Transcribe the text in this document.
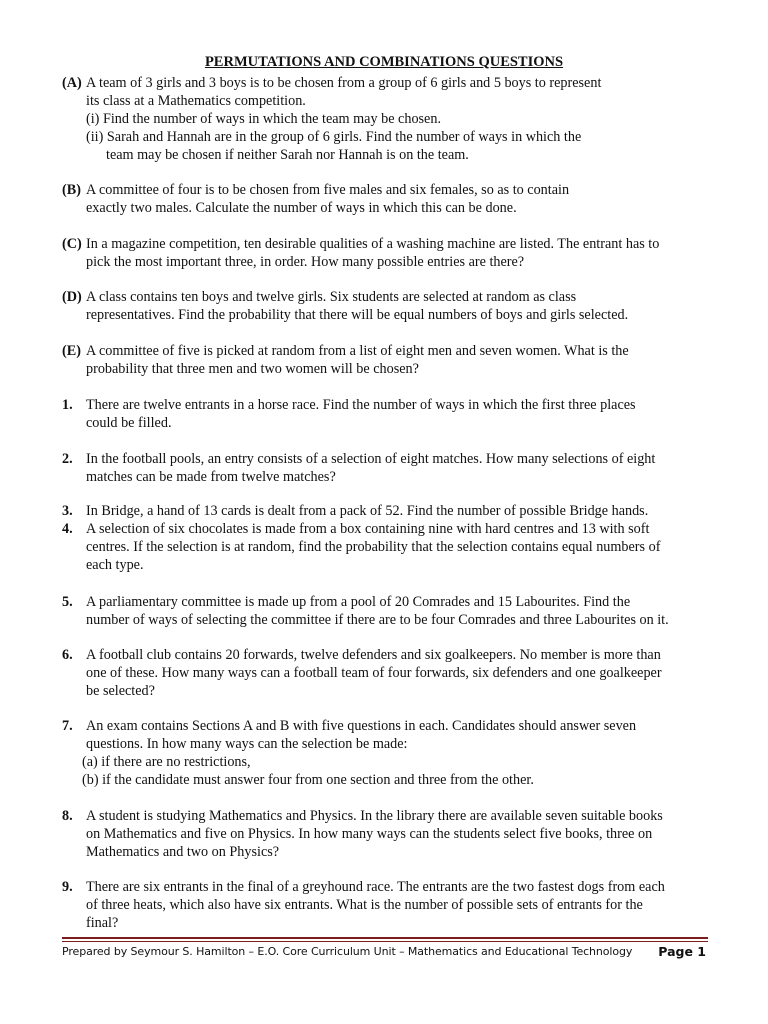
PERMUTATIONS AND COMBINATIONS QUESTIONS
(A) A team of 3 girls and 3 boys is to be chosen from a group of 6 girls and 5 boys to represent
its class at a Mathematics competition.
(i) Find the number of ways in which the team may be chosen.
(ii) Sarah and Hannah are in the group of 6 girls. Find the number of ways in which the
team may be chosen if neither Sarah nor Hannah is on the team.
(B) A committee of four is to be chosen from five males and six females, so as to contain
exactly two males. Calculate the number of ways in which this can be done.
(C) In a magazine competition, ten desirable qualities of a washing machine are listed. The entrant has to
pick the most important three, in order. How many possible entries are there?
(D) A class contains ten boys and twelve girls. Six students are selected at random as class
representatives. Find the probability that there will be equal numbers of boys and girls selected.
(E) A committee of five is picked at random from a list of eight men and seven women. What is the
probability that three men and two women will be chosen?
1. There are twelve entrants in a horse race. Find the number of ways in which the first three places
could be filled.
2. In the football pools, an entry consists of a selection of eight matches. How many selections of eight
matches can be made from twelve matches?
3. In Bridge, a hand of 13 cards is dealt from a pack of 52. Find the number of possible Bridge hands.
4. A selection of six chocolates is made from a box containing nine with hard centres and 13 with soft
centres. If the selection is at random, find the probability that the selection contains equal numbers of
each type.
5. A parliamentary committee is made up from a pool of 20 Comrades and 15 Labourites. Find the
number of ways of selecting the committee if there are to be four Comrades and three Labourites on it.
6. A football club contains 20 forwards, twelve defenders and six goalkeepers. No member is more than
one of these. How many ways can a football team of four forwards, six defenders and one goalkeeper
be selected?
7. An exam contains Sections A and B with five questions in each. Candidates should answer seven
questions. In how many ways can the selection be made:
(a) if there are no restrictions,
(b) if the candidate must answer four from one section and three from the other.
8. A student is studying Mathematics and Physics. In the library there are available seven suitable books
on Mathematics and five on Physics. In how many ways can the students select five books, three on
Mathematics and two on Physics?
9. There are six entrants in the final of a greyhound race. The entrants are the two fastest dogs from each
of three heats, which also have six entrants. What is the number of possible sets of entrants for the
final?
Prepared by Seymour S. Hamilton – E.O. Core Curriculum Unit – Mathematics and Educational Technology Page 1
